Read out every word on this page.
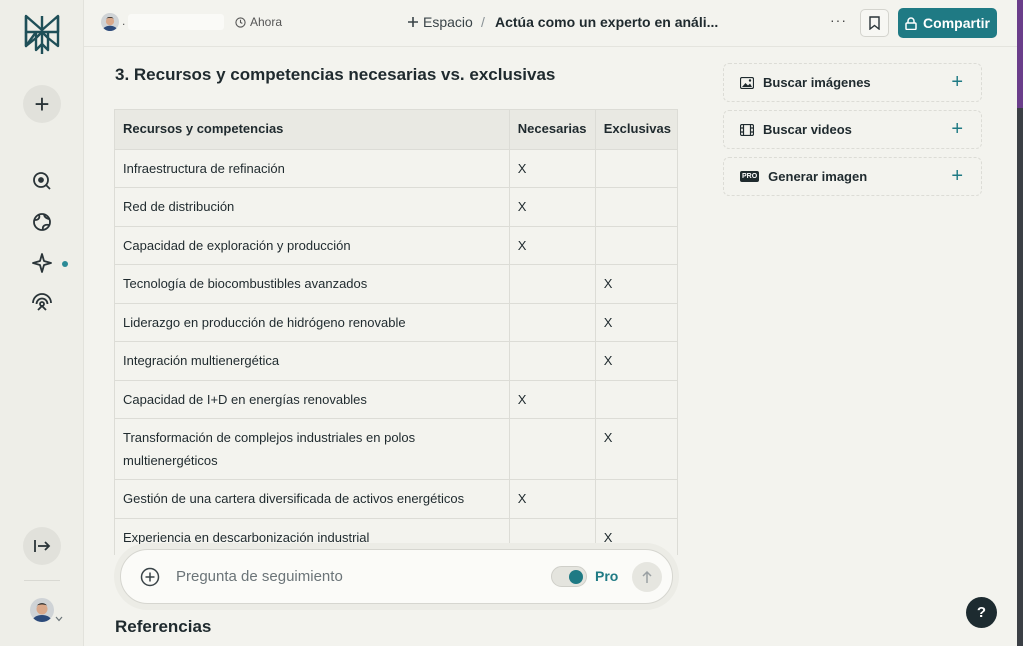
+
.	Ahora	Espacio / Actúa como un experto en análi...	···	Compartir
3. Recursos y competencias necesarias vs. exclusivas
Recursos y competencias	Necesarias	Exclusivas
Infraestructura de refinación	X	
Red de distribución	X	
Capacidad de exploración y producción	X	
Tecnología de biocombustibles avanzados		X
Liderazgo en producción de hidrógeno renovable		X
Integración multienergética		X
Capacidad de I+D en energías renovables	X	
Transformación de complejos industriales en polos multienergéticos		X
Gestión de una cartera diversificada de activos energéticos	X	
Experiencia en descarbonización industrial		X
Pregunta de seguimiento	Pro
Referencias
Buscar imágenes	+
Buscar videos	+
PRO Generar imagen	+
?
